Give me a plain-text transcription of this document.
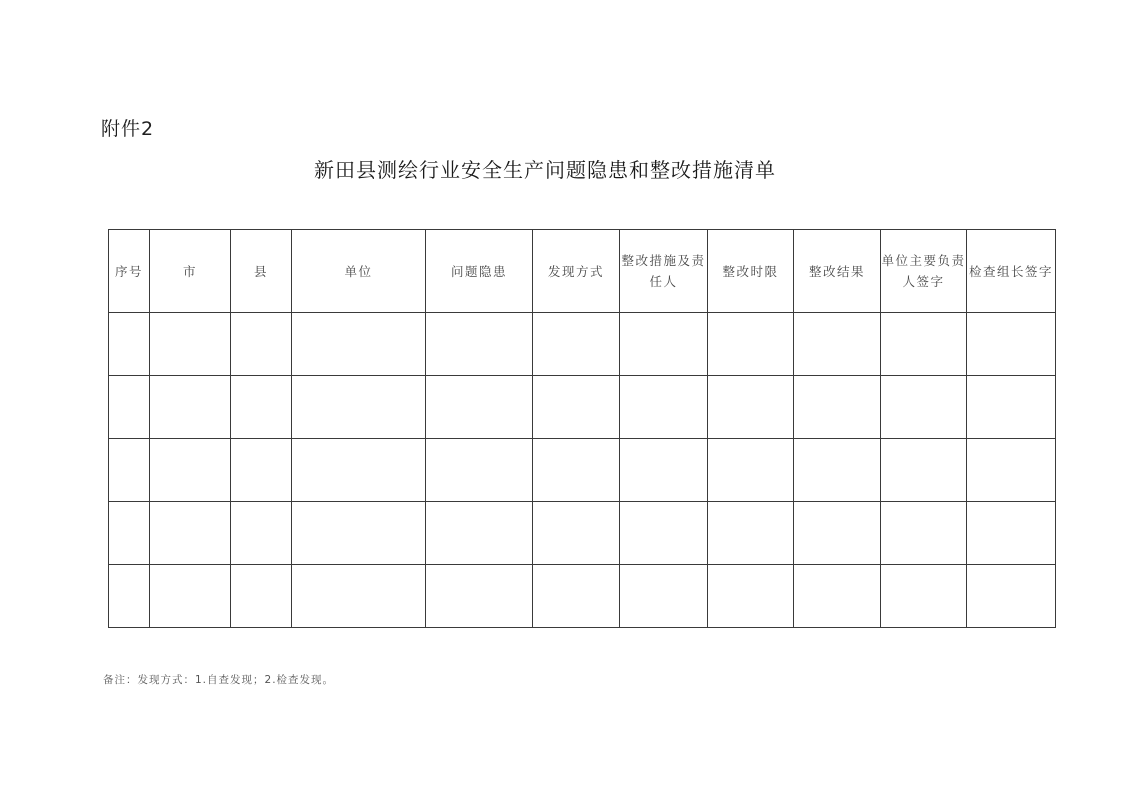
附件2
新田县测绘行业安全生产问题隐患和整改措施清单
序号	市	县	单位	问题隐患	发现方式	整改措施及责任人	整改时限	整改结果	单位主要负责人签字	检查组长签字

备注：发现方式：1.自查发现；2.检查发现。
